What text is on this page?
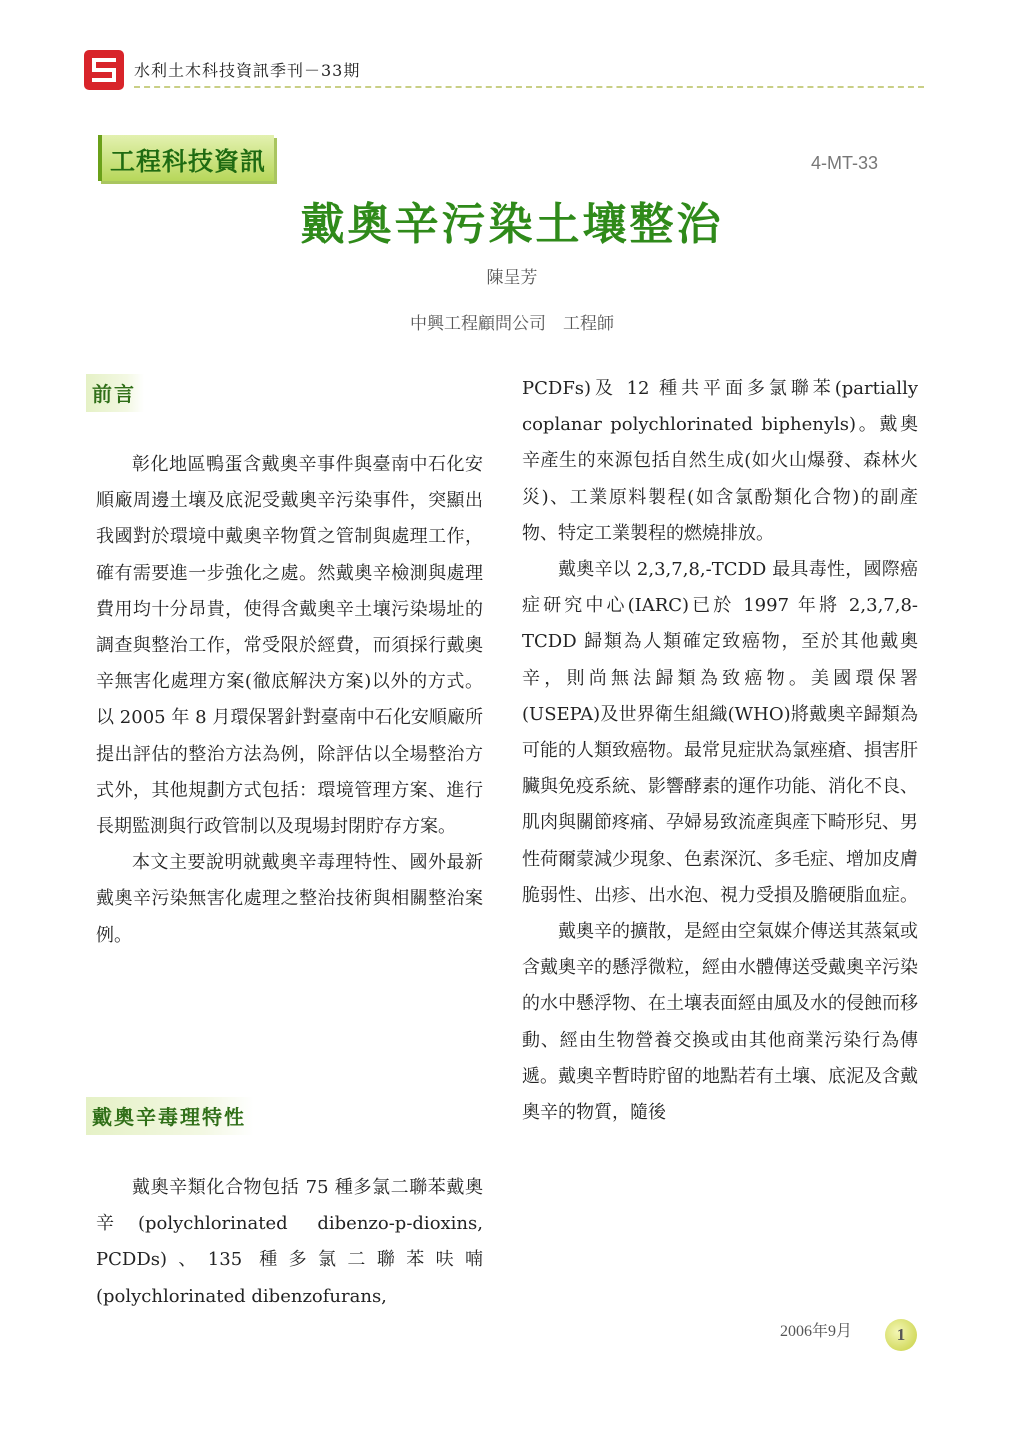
水利土木科技資訊季刊－33期
工程科技資訊	4-MT-33
戴奧辛污染土壤整治
陳呈芳
中興工程顧問公司　工程師
前言

彰化地區鴨蛋含戴奧辛事件與臺南中石化安順廠周邊土壤及底泥受戴奧辛污染事件，突顯出我國對於環境中戴奧辛物質之管制與處理工作，確有需要進一步強化之處。然戴奧辛檢測與處理費用均十分昂貴，使得含戴奧辛土壤污染場址的調查與整治工作，常受限於經費，而須採行戴奧辛無害化處理方案(徹底解決方案)以外的方式。以 2005 年 8 月環保署針對臺南中石化安順廠所提出評估的整治方法為例，除評估以全場整治方式外，其他規劃方式包括：環境管理方案、進行長期監測與行政管制以及現場封閉貯存方案。

本文主要說明就戴奧辛毒理特性、國外最新戴奧辛污染無害化處理之整治技術與相關整治案例。

戴奧辛毒理特性

戴奧辛類化合物包括 75 種多氯二聯苯戴奧辛(polychlorinated dibenzo-p-dioxins, PCDDs)、135 種多氯二聯苯呋喃(polychlorinated dibenzofurans,

PCDFs)及 12 種共平面多氯聯苯(partially coplanar polychlorinated biphenyls)。戴奧辛產生的來源包括自然生成(如火山爆發、森林火災)、工業原料製程(如含氯酚類化合物)的副產物、特定工業製程的燃燒排放。

戴奧辛以 2,3,7,8,-TCDD 最具毒性，國際癌症研究中心(IARC)已於 1997 年將 2,3,7,8-TCDD 歸類為人類確定致癌物，至於其他戴奧辛，則尚無法歸類為致癌物。美國環保署(USEPA)及世界衛生組織(WHO)將戴奧辛歸類為可能的人類致癌物。最常見症狀為氯痤瘡、損害肝臟與免疫系統、影響酵素的運作功能、消化不良、肌肉與關節疼痛、孕婦易致流產與產下畸形兒、男性荷爾蒙減少現象、色素深沉、多毛症、增加皮膚脆弱性、出疹、出水泡、視力受損及膽硬脂血症。

戴奧辛的擴散，是經由空氣媒介傳送其蒸氣或含戴奧辛的懸浮微粒，經由水體傳送受戴奧辛污染的水中懸浮物、在土壤表面經由風及水的侵蝕而移動、經由生物營養交換或由其他商業污染行為傳遞。戴奧辛暫時貯留的地點若有土壤、底泥及含戴奧辛的物質，隨後

2006年9月	1
